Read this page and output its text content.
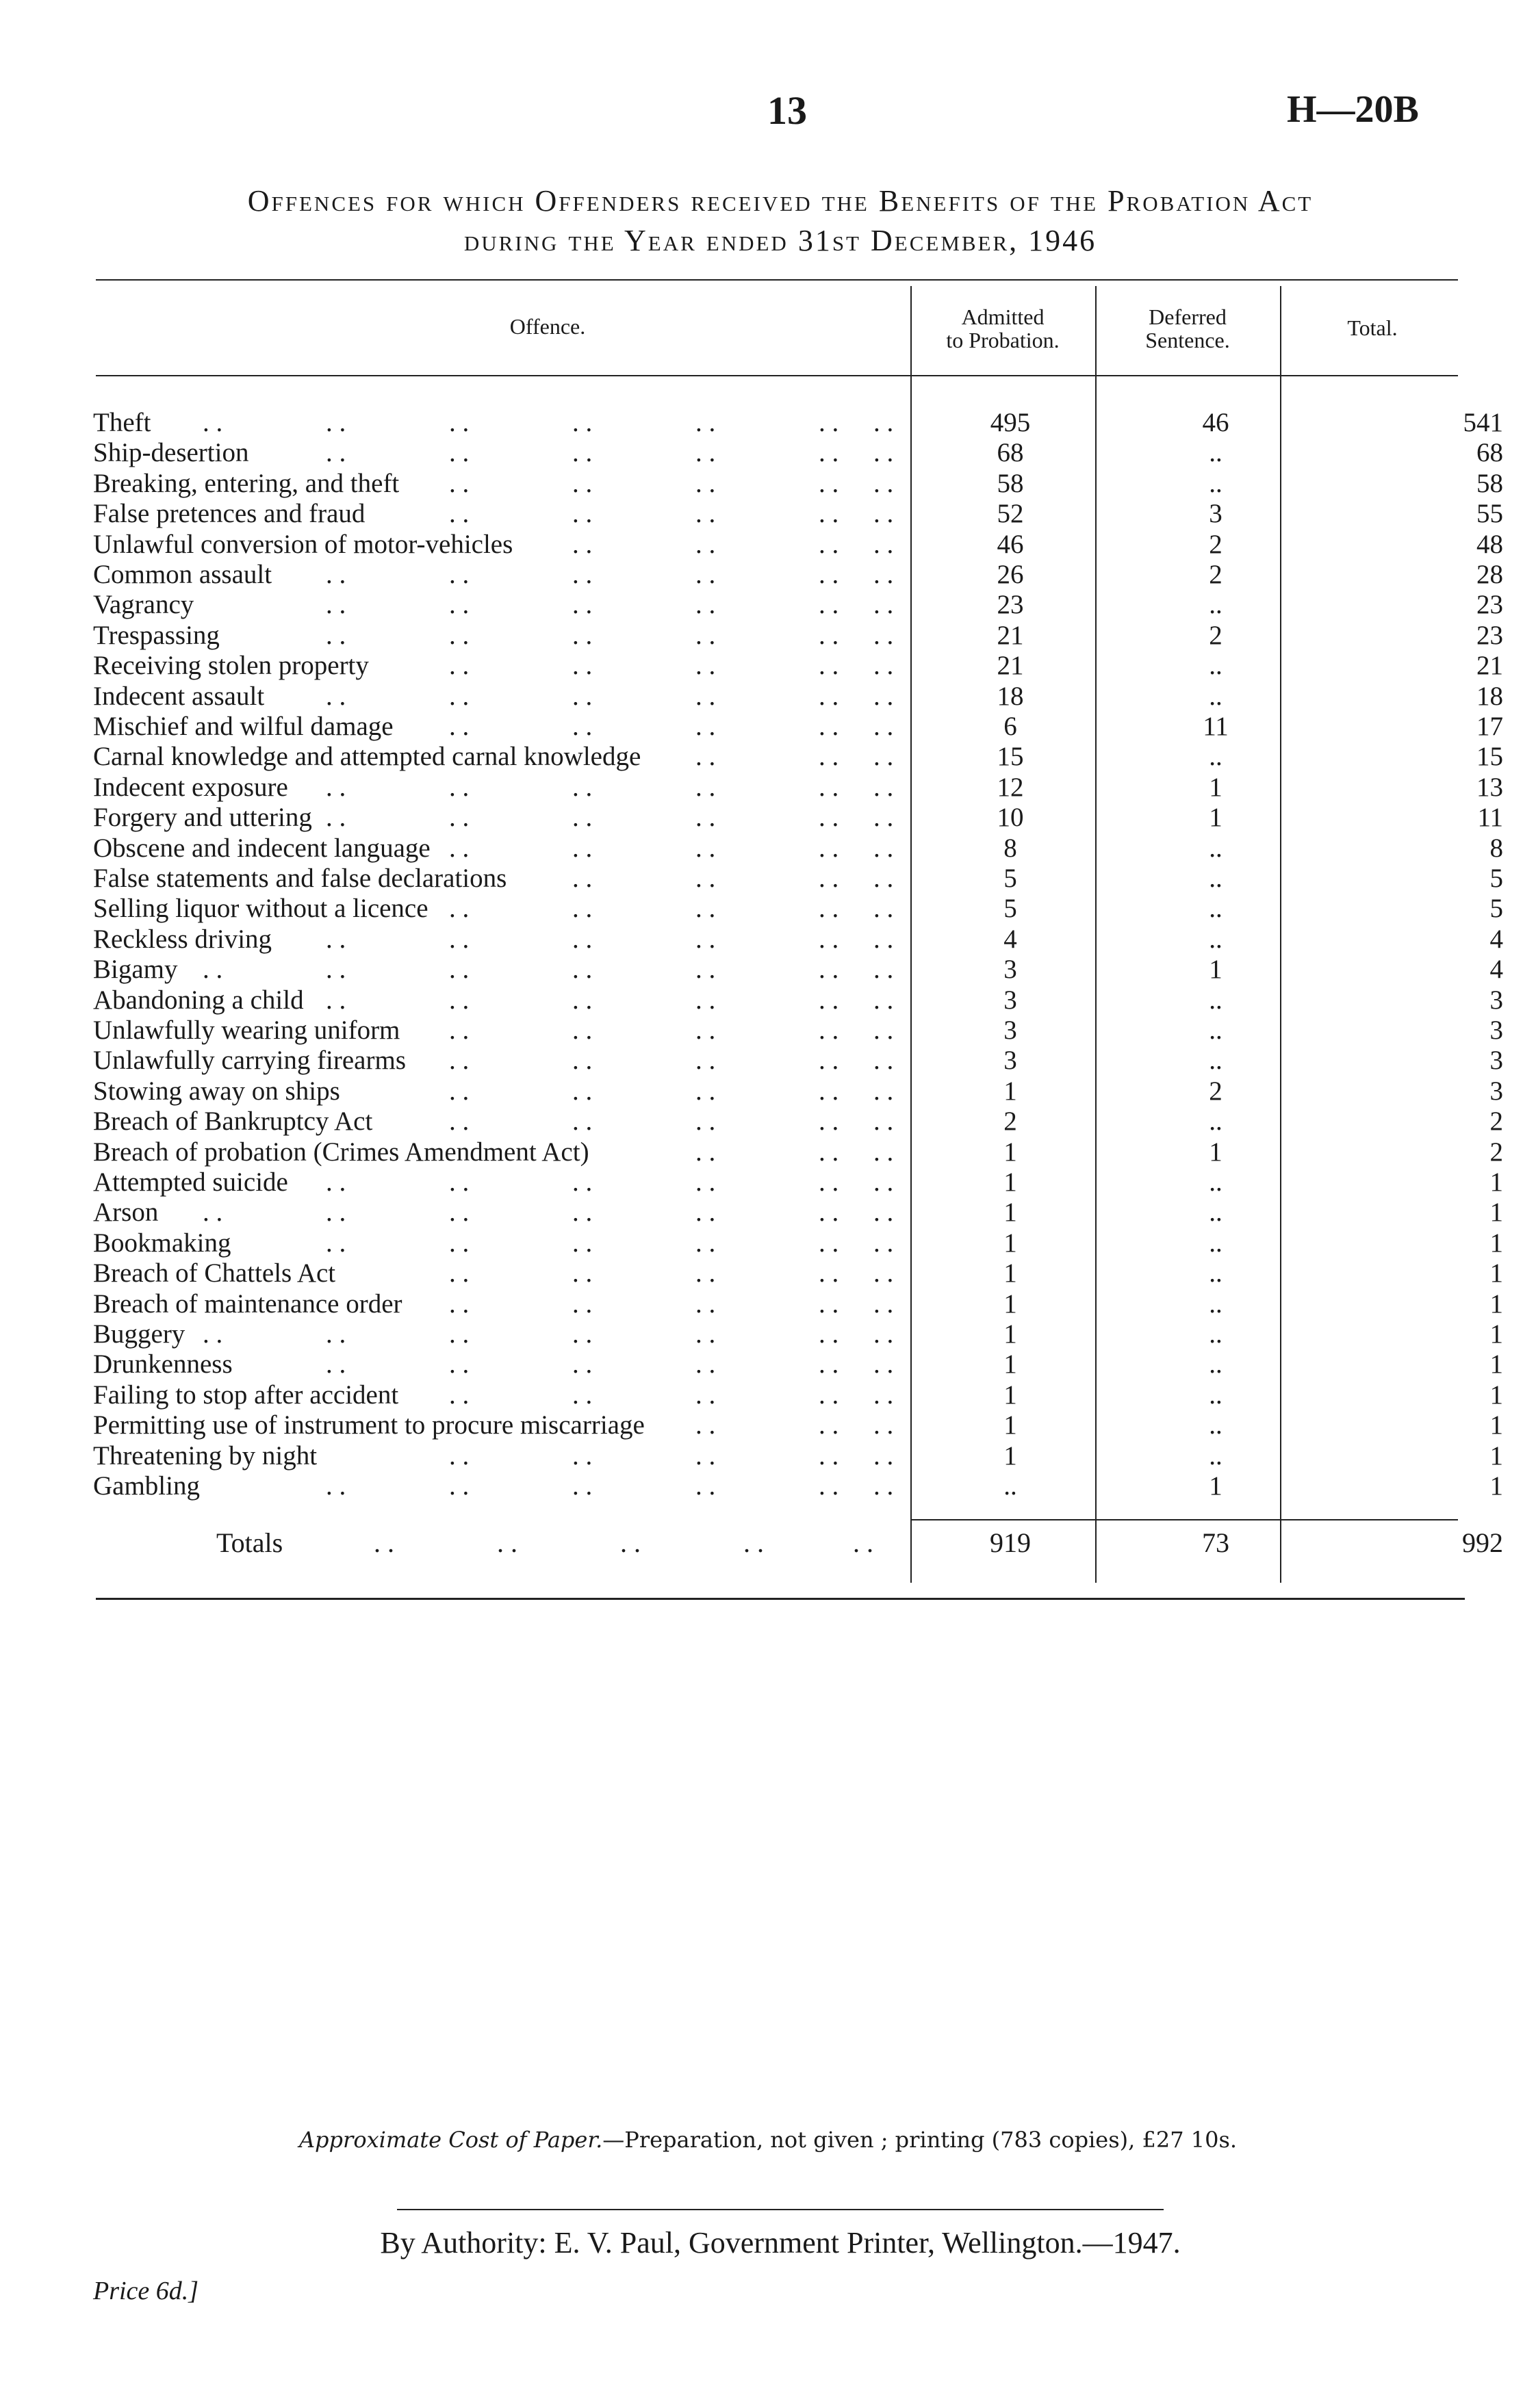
13	H—20B
Offences for which Offenders received the Benefits of the Probation Act
during the Year ended 31st December, 1946
Offence.	Admitted
to Probation.
Deferred
Sentence.	Total.
Theft . .	. .	. .	. .	. .	. . . .	495	46	541
Ship-desertion	. .	. .	. .	. .	. . . .	68	..	68
Breaking, entering, and theft . .	. .	. .	. . . .	58	..	58
False pretences and fraud	. .	. .	. .	. . . .	52	3	55
Unlawful conversion of motor-vehicles . .	. .	. . . .	46	2	48
Common assault . .	. .	. .	. .	. . . .	26	2	28
Vagrancy	. .	. .	. .	. .	. . . .	23	..	23
Trespassing	. .	. .	. .	. .	. . . .	21	2	23
Receiving stolen property	. .	. .	. .	. . . .	21	..	21
Indecent assault . .	. .	. .	. .	. . . .	18	..	18
Mischief and wilful damage . .	. .	. .	. . . .	6	11	17
Carnal knowledge and attempted carnal knowledge . .	. . . .	15	..	15
Indecent exposure . .	. .	. .	. .	. . . .	12	1	13
Forgery and uttering . .	. .	. .	. .	. . . .	10	1	11
Obscene and indecent language . .	. .	. .	. . . .	8	..	8
False statements and false declarations . .	. .	. . . .	5	..	5
Selling liquor without a licence . .	. .	. .	. . . .	5	..	5
Reckless driving . .	. .	. .	. .	. . . .	4	..	4
Bigamy . .	. .	. .	. .	. .	. . . .	3	1	4
Abandoning a child . .	. .	. .	. .	. . . .	3	..	3
Unlawfully wearing uniform . .	. .	. .	. . . .	3	..	3
Unlawfully carrying firearms . .	. .	. .	. . . .	3	..	3
Stowing away on ships	. .	. .	. .	. . . .	1	2	3
Breach of Bankruptcy Act	. .	. .	. .	. . . .	2	..	2
Breach of probation (Crimes Amendment Act)	. .	. . . .	1	1	2
Attempted suicide . .	. .	. .	. .	. . . .	1	..	1
Arson . .	. .	. .	. .	. .	. . . .	1	..	1
Bookmaking	. .	. .	. .	. .	. . . .	1	..	1
Breach of Chattels Act	. .	. .	. .	. . . .	1	..	1
Breach of maintenance order . .	. .	. .	. . . .	1	..	1
Buggery . .	. .	. .	. .	. .	. . . .	1	..	1
Drunkenness	. .	. .	. .	. .	. . . .	1	..	1
Failing to stop after accident . .	. .	. .	. . . .	1	..	1
Permitting use of instrument to procure miscarriage . .	. . . .	1	..	1
Threatening by night	. .	. .	. .	. . . .	1	..	1
Gambling	. .	. .	. .	. .	. . . .	..	1	1
Totals	. .	. .	. .	. .	. .	919	73	992
Approximate Cost of Paper.—Preparation, not given ; printing (783 copies), £27 10s.
By Authority: E. V. Paul, Government Printer, Wellington.—1947.
Price 6d.]
